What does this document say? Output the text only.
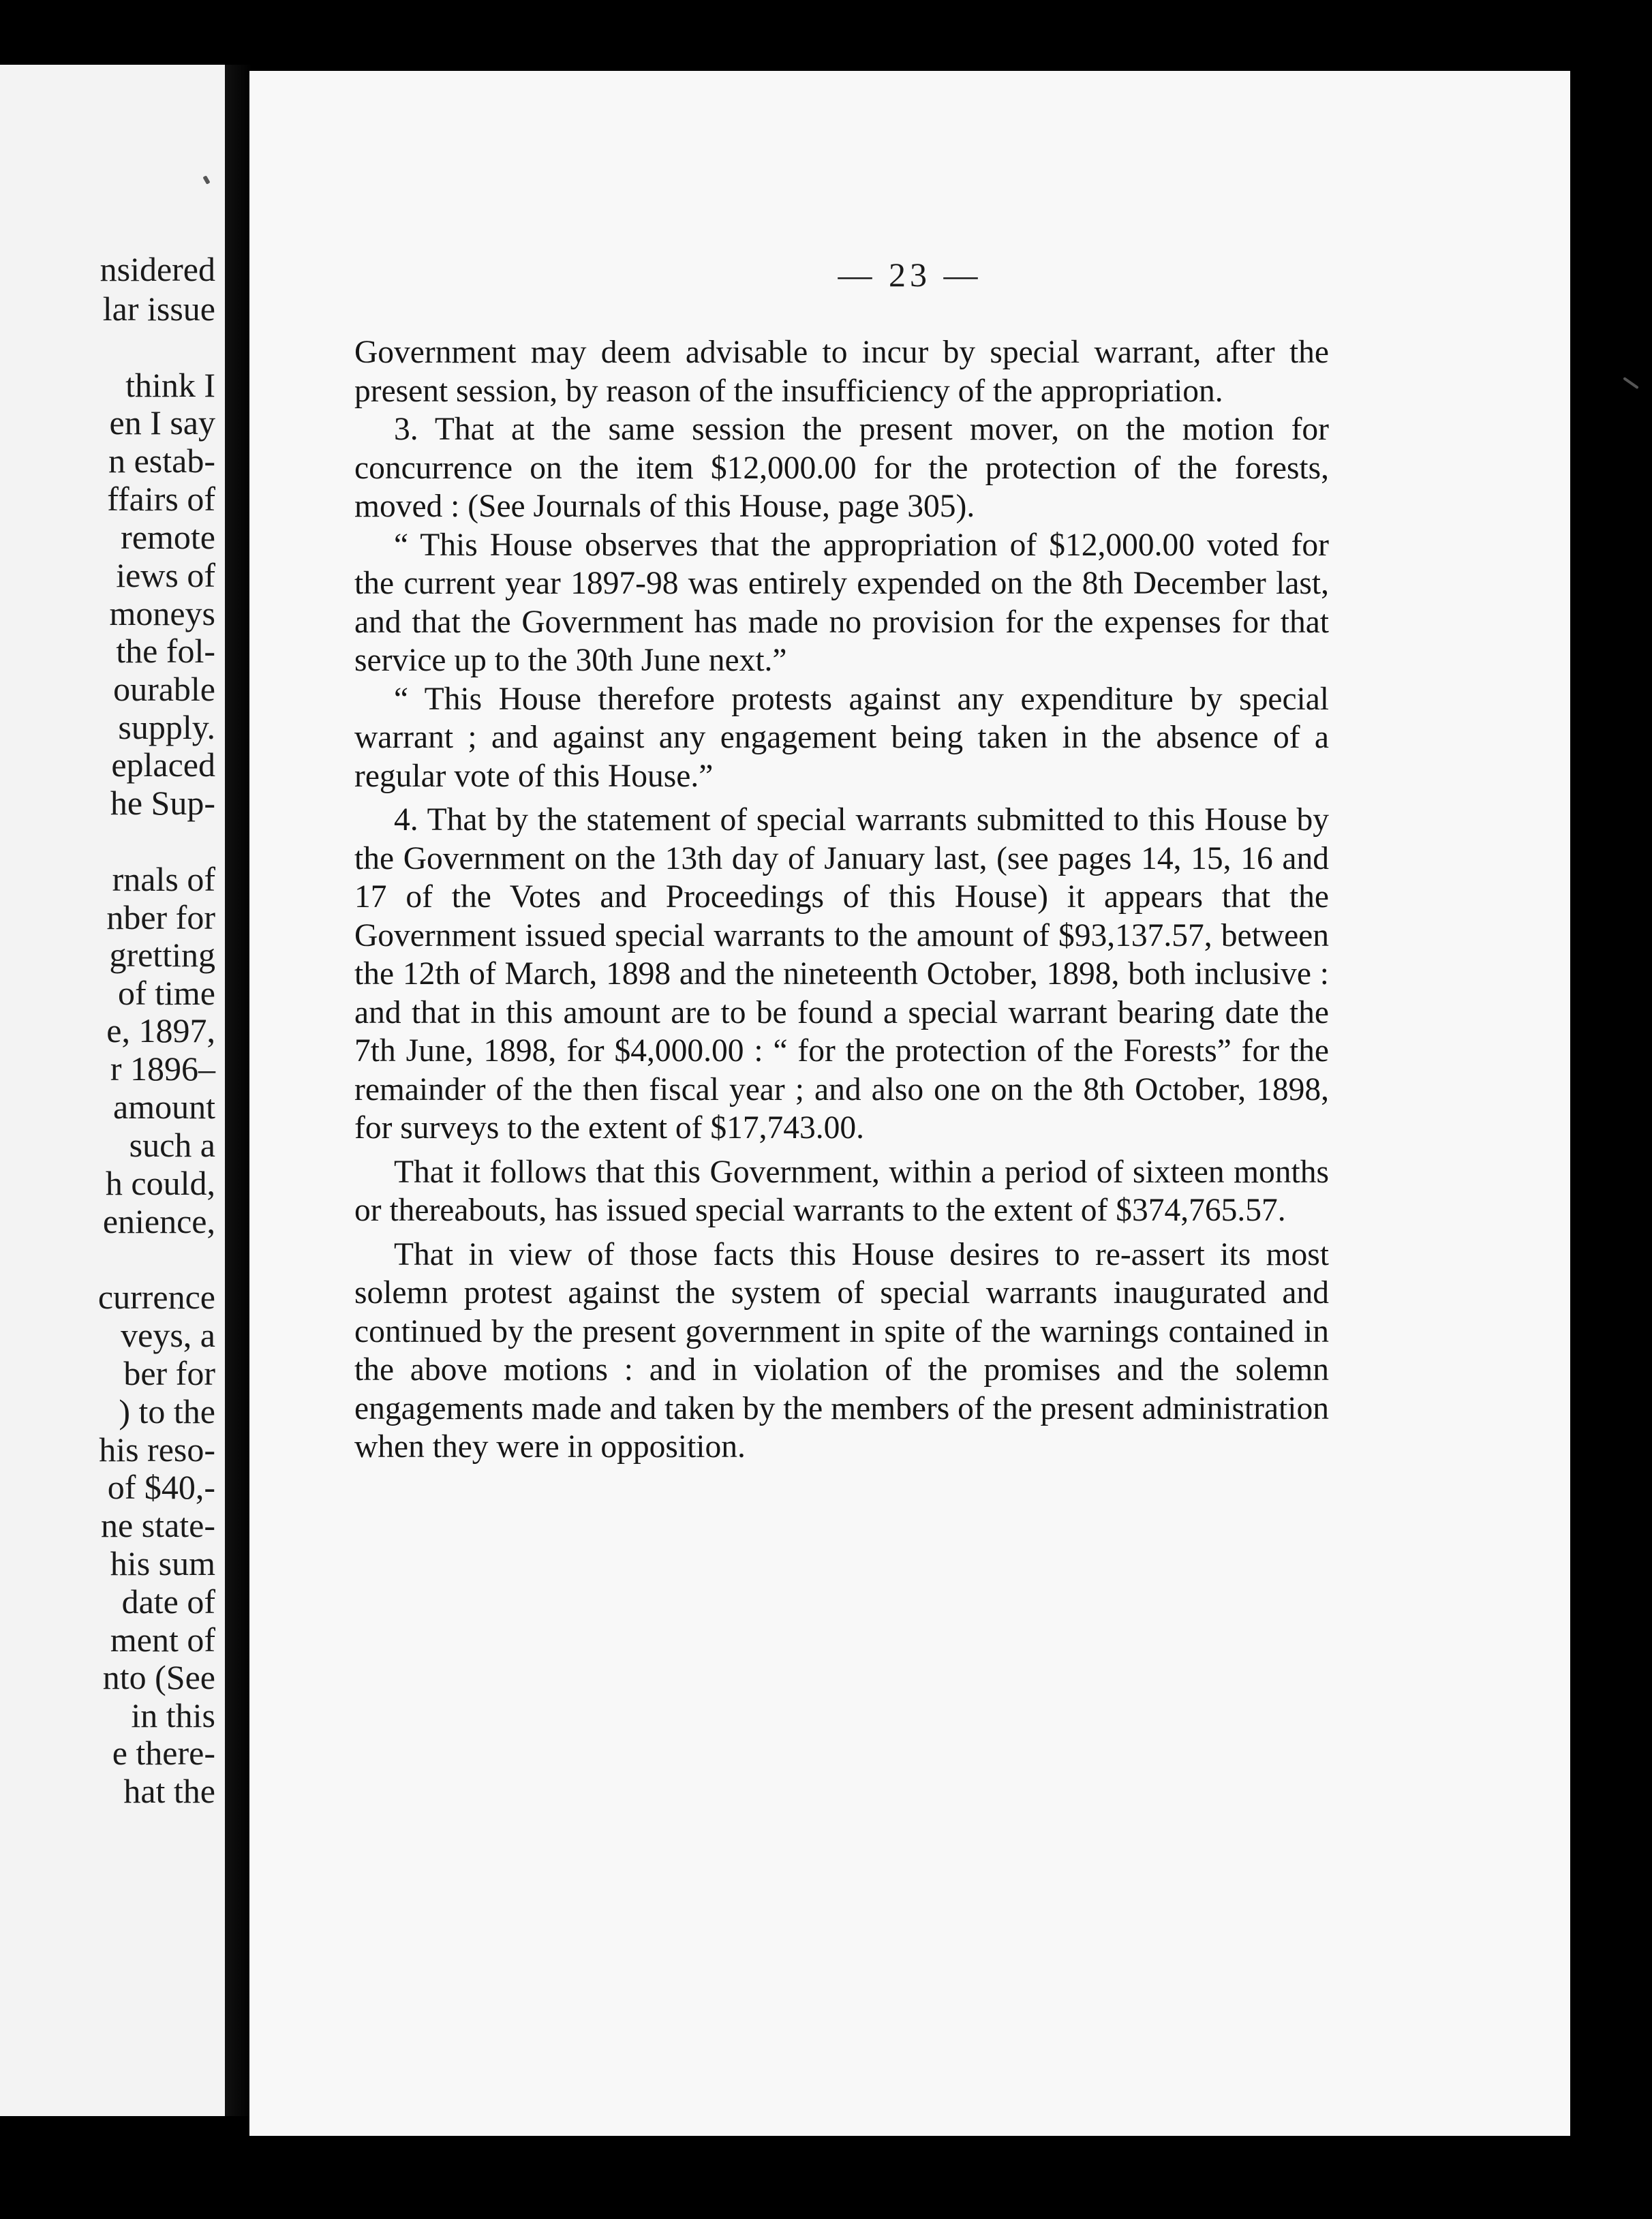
nsidered
lar issue
think I
en I say
n estab-
ffairs of
remote
iews of
moneys
the fol-
ourable
supply.
eplaced
he Sup-
rnals of
nber for
gretting
of time
e, 1897,
r 1896–
amount
such a
h could,
enience,
currence
veys, a
ber for
) to the
his reso-
of $40,-
ne state-
his sum
date of
ment of
nto (See
in this
e there-
hat the
— 23 —

Government may deem advisable to incur by special warrant, after the present session, by reason of the insufficiency of the appropriation.

3. That at the same session the present mover, on the motion for concurrence on the item $12,000.00 for the protection of the forests, moved : (See Journals of this House, page 305).

“ This House observes that the appropriation of $12,000.00 voted for the current year 1897-98 was entirely expended on the 8th December last, and that the Government has made no provision for the expenses for that service up to the 30th June next.”

“ This House therefore protests against any expenditure by special warrant ; and against any engagement being taken in the absence of a regular vote of this House.”

4. That by the statement of special warrants submitted to this House by the Government on the 13th day of January last, (see pages 14, 15, 16 and 17 of the Votes and Proceedings of this House) it appears that the Government issued special warrants to the amount of $93,137.57, between the 12th of March, 1898 and the nineteenth October, 1898, both inclusive : and that in this amount are to be found a special warrant bearing date the 7th June, 1898, for $4,000.00 : “ for the protection of the Forests” for the remainder of the then fiscal year ; and also one on the 8th October, 1898, for surveys to the extent of $17,743.00.

That it follows that this Government, within a period of sixteen months or thereabouts, has issued special warrants to the extent of $374,765.57.

That in view of those facts this House desires to re-assert its most solemn protest against the system of special warrants inaugurated and continued by the present government in spite of the warnings contained in the above motions : and in violation of the promises and the solemn engagements made and taken by the members of the present administration when they were in opposition.
